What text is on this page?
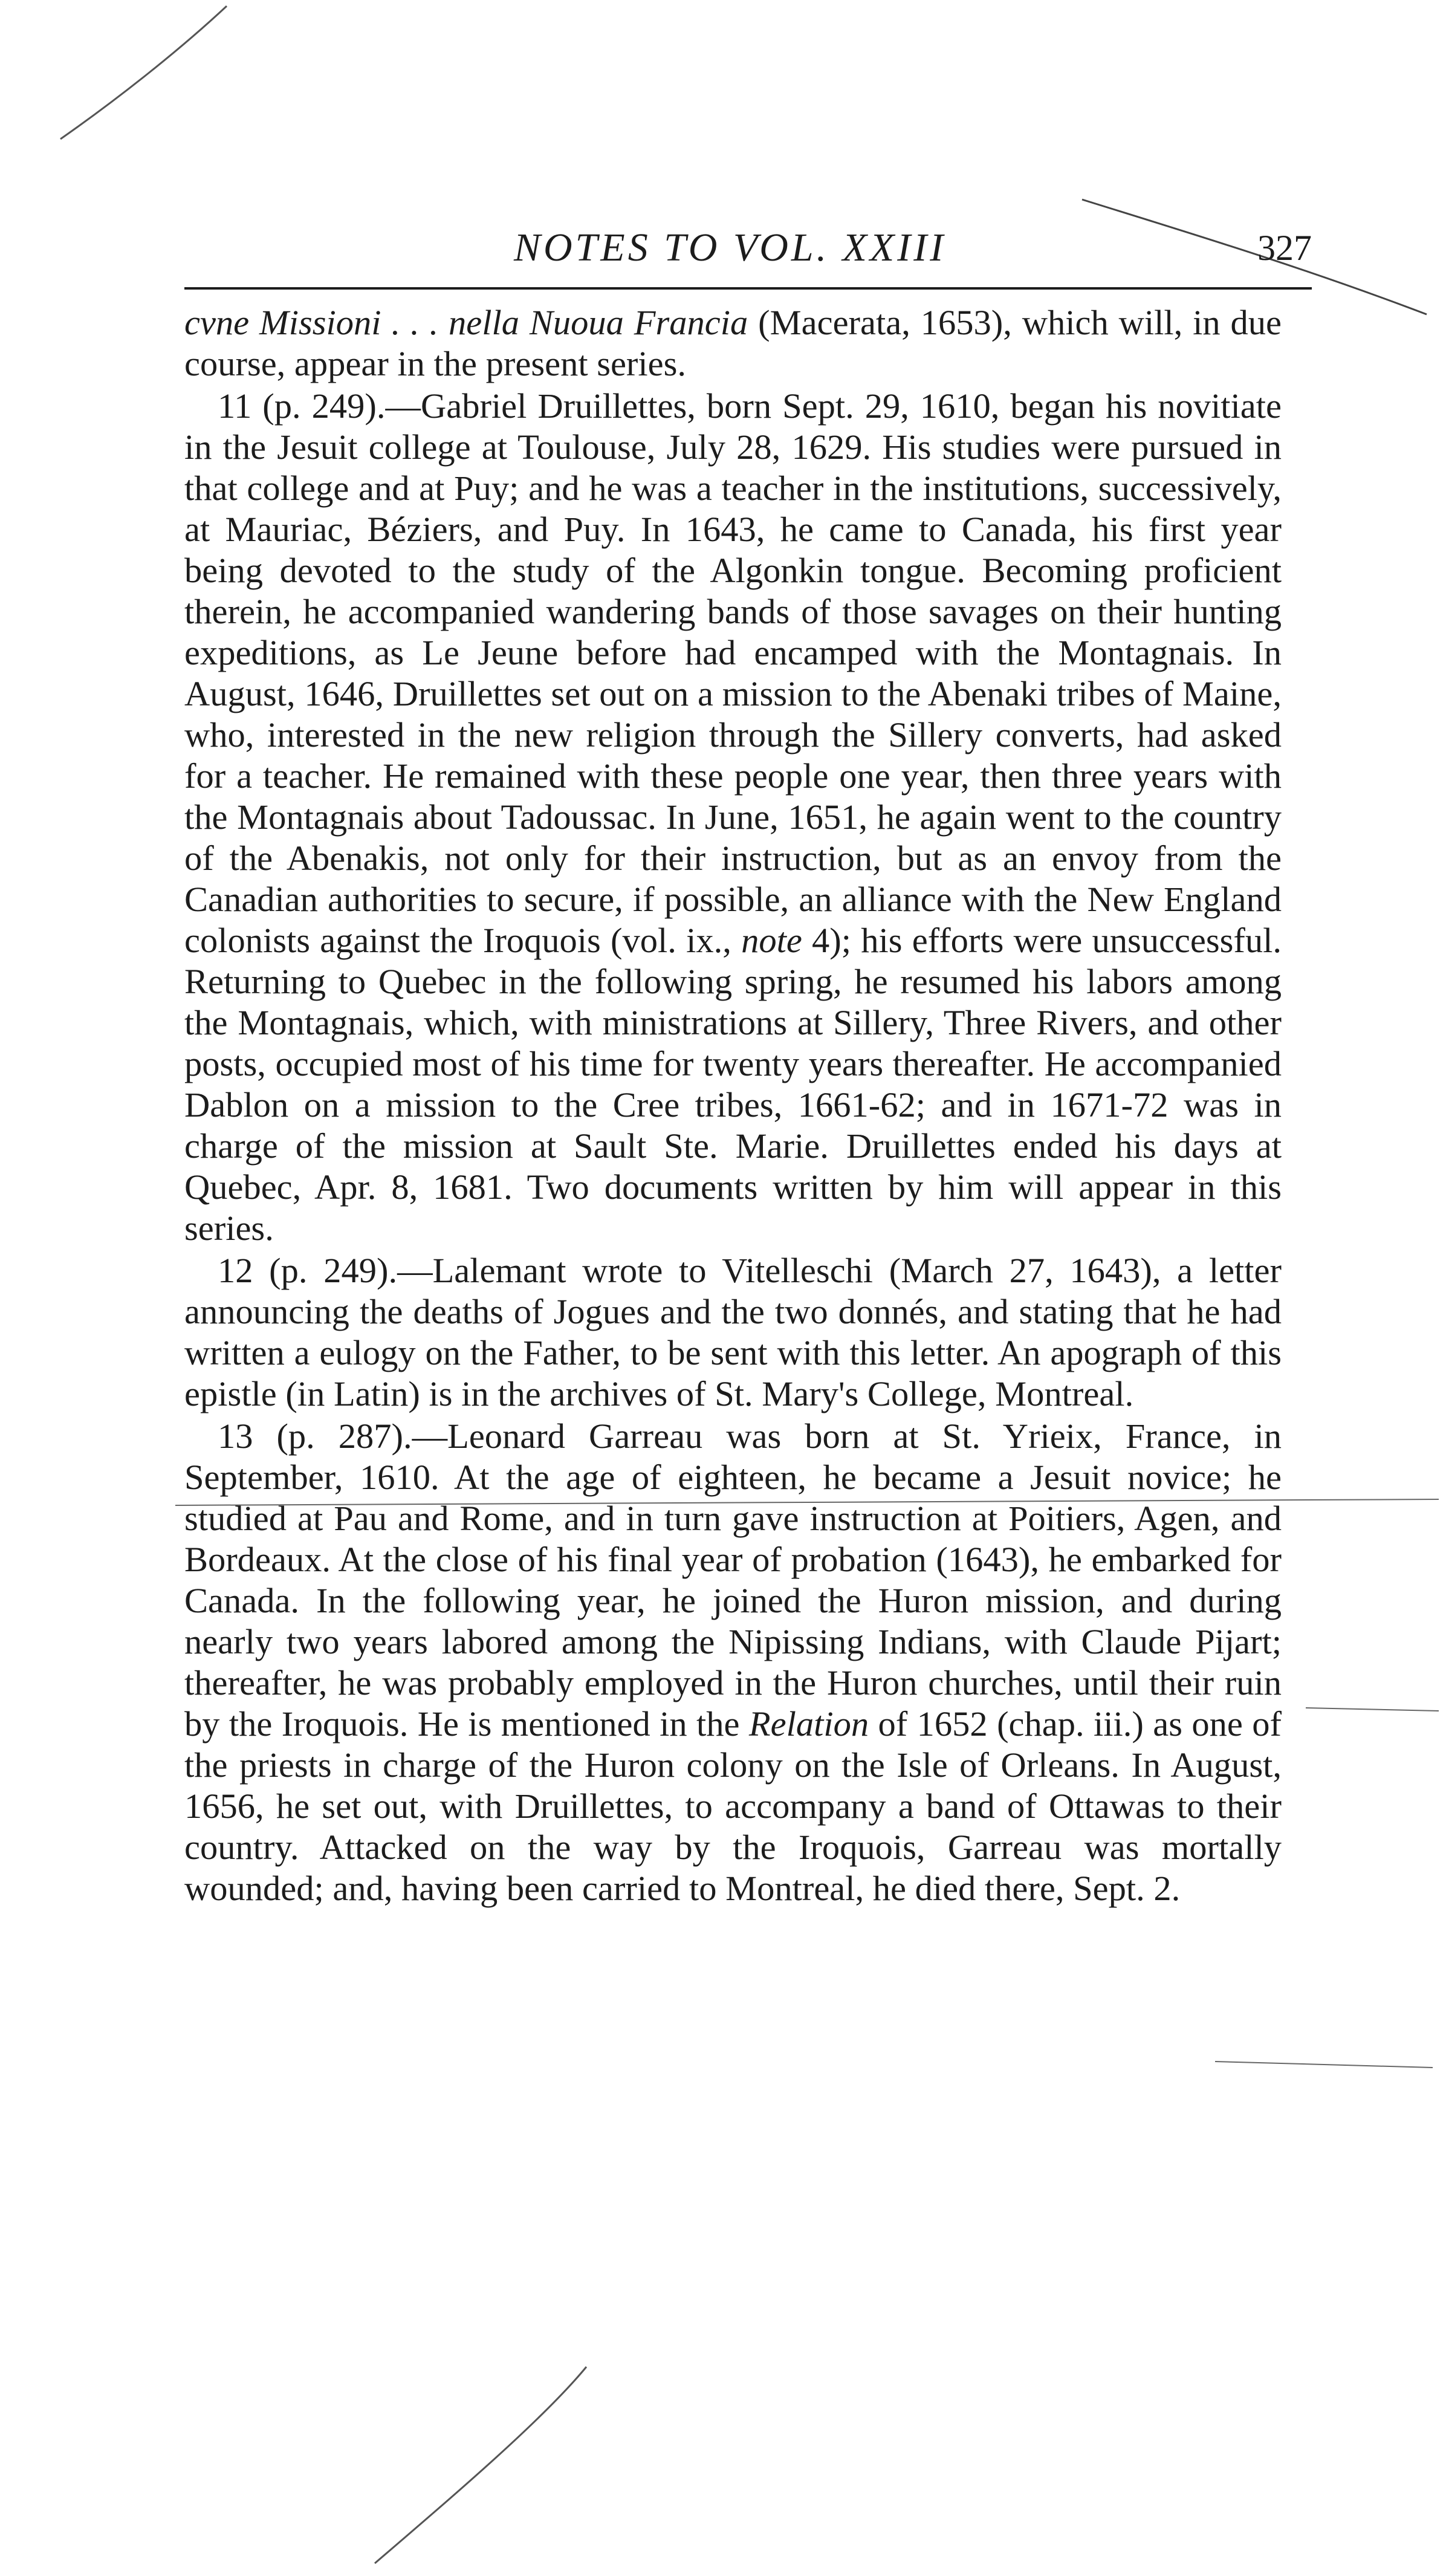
NOTES TO VOL. XXIII	327

cvne Missioni . . . nella Nuoua Francia (Macerata, 1653), which will, in due course, appear in the present series.

11 (p. 249).—Gabriel Druillettes, born Sept. 29, 1610, began his novitiate in the Jesuit college at Toulouse, July 28, 1629. His studies were pursued in that college and at Puy; and he was a teacher in the institutions, successively, at Mauriac, Béziers, and Puy. In 1643, he came to Canada, his first year being devoted to the study of the Algonkin tongue. Becoming proficient therein, he accompanied wandering bands of those savages on their hunting expeditions, as Le Jeune before had encamped with the Montagnais. In August, 1646, Druillettes set out on a mission to the Abenaki tribes of Maine, who, interested in the new religion through the Sillery converts, had asked for a teacher. He remained with these people one year, then three years with the Montagnais about Tadoussac. In June, 1651, he again went to the country of the Abenakis, not only for their instruction, but as an envoy from the Canadian authorities to secure, if possible, an alliance with the New England colonists against the Iroquois (vol. ix., note 4); his efforts were unsuccessful. Returning to Quebec in the following spring, he resumed his labors among the Montagnais, which, with ministrations at Sillery, Three Rivers, and other posts, occupied most of his time for twenty years thereafter. He accompanied Dablon on a mission to the Cree tribes, 1661-62; and in 1671-72 was in charge of the mission at Sault Ste. Marie. Druillettes ended his days at Quebec, Apr. 8, 1681. Two documents written by him will appear in this series.

12 (p. 249).—Lalemant wrote to Vitelleschi (March 27, 1643), a letter announcing the deaths of Jogues and the two donnés, and stating that he had written a eulogy on the Father, to be sent with this letter. An apograph of this epistle (in Latin) is in the archives of St. Mary's College, Montreal.

13 (p. 287).—Leonard Garreau was born at St. Yrieix, France, in September, 1610. At the age of eighteen, he became a Jesuit novice; he studied at Pau and Rome, and in turn gave instruction at Poitiers, Agen, and Bordeaux. At the close of his final year of probation (1643), he embarked for Canada. In the following year, he joined the Huron mission, and during nearly two years labored among the Nipissing Indians, with Claude Pijart; thereafter, he was probably employed in the Huron churches, until their ruin by the Iroquois. He is mentioned in the Relation of 1652 (chap. iii.) as one of the priests in charge of the Huron colony on the Isle of Orleans. In August, 1656, he set out, with Druillettes, to accompany a band of Ottawas to their country. Attacked on the way by the Iroquois, Garreau was mortally wounded; and, having been carried to Montreal, he died there, Sept. 2.
